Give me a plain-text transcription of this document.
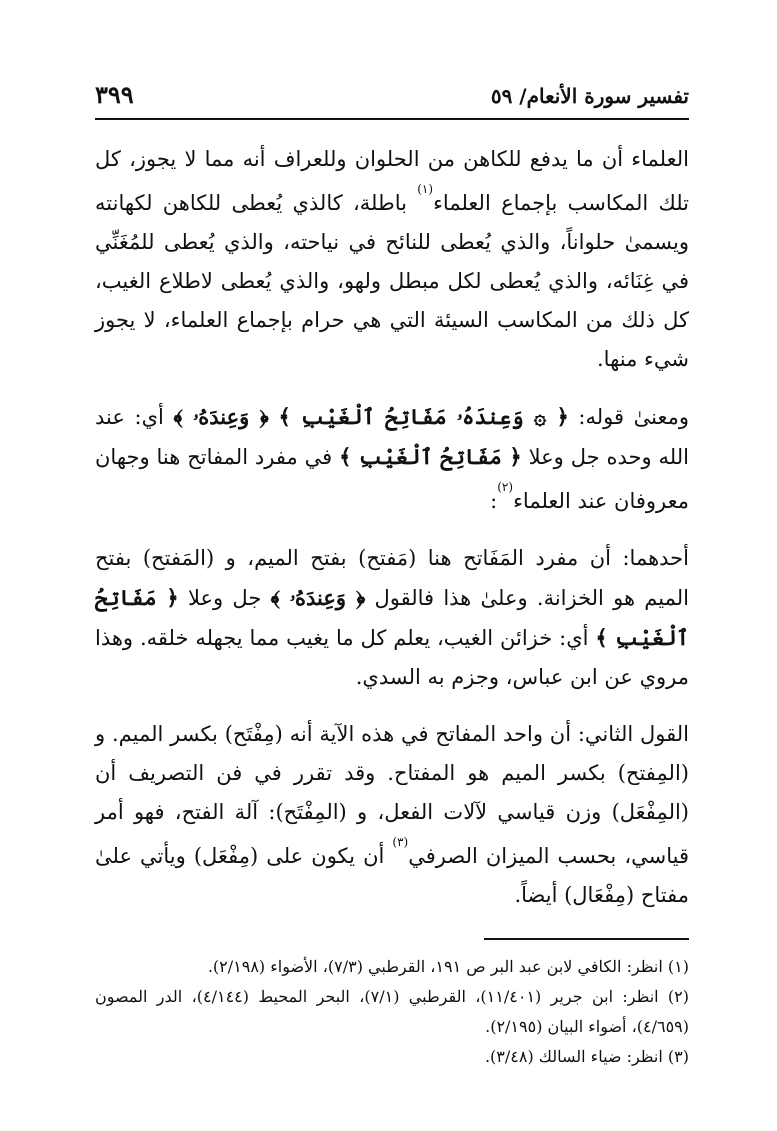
تفسير سورة الأنعام/ ٥٩
٣٩٩

العلماء أن ما يدفع للكاهن من الحلوان وللعراف أنه مما لا يجوز، كل تلك المكاسب بإجماع العلماء$^{(١)}$ باطلة، كالذي يُعطى للكاهن لكهانته ويسمىٰ حلواناً، والذي يُعطى للنائح في نياحته، والذي يُعطى للمُغَنِّي في غِنَائه، والذي يُعطى لكل مبطل ولهو، والذي يُعطى لاطلاع الغيب، كل ذلك من المكاسب السيئة التي هي حرام بإجماع العلماء، لا يجوز شيء منها.

ومعنىٰ قوله: ﴿ ۞ وَعِندَهُۥ مَفَاتِحُ ٱلْغَيْبِ ﴾ ﴿ وَعِندَهُۥ ﴾ أي: عند الله وحده جل وعلا ﴿ مَفَاتِحُ ٱلْغَيْبِ ﴾ في مفرد المفاتح هنا وجهان معروفان عند العلماء$^{(٢)}$:

أحدهما: أن مفرد المَفَاتح هنا (مَفتح) بفتح الميم، و (المَفتح) بفتح الميم هو الخزانة. وعلىٰ هذا فالقول ﴿ وَعِندَهُۥ ﴾ جل وعلا ﴿ مَفَاتِحُ ٱلْغَيْبِ ﴾ أي: خزائن الغيب، يعلم كل ما يغيب مما يجهله خلقه. وهذا مروي عن ابن عباس، وجزم به السدي.

القول الثاني: أن واحد المفاتح في هذه الآية أنه (مِفْتَح) بكسر الميم. و (المِفتح) بكسر الميم هو المفتاح. وقد تقرر في فن التصريف أن (المِفْعَل) وزن قياسي لآلات الفعل، و (المِفْتَح): آلة الفتح، فهو أمر قياسي، بحسب الميزان الصرفي$^{(٣)}$ أن يكون على (مِفْعَل) ويأتي علىٰ مفتاح (مِفْعَال) أيضاً.

(١) انظر: الكافي لابن عبد البر ص ١٩١، القرطبي (٧/٣)، الأضواء (٢/١٩٨).

(٢) انظر: ابن جرير (١١/٤٠١)، القرطبي (٧/١)، البحر المحيط (٤/١٤٤)، الدر المصون (٤/٦٥٩)، أضواء البيان (٢/١٩٥).

(٣) انظر: ضياء السالك (٣/٤٨).
